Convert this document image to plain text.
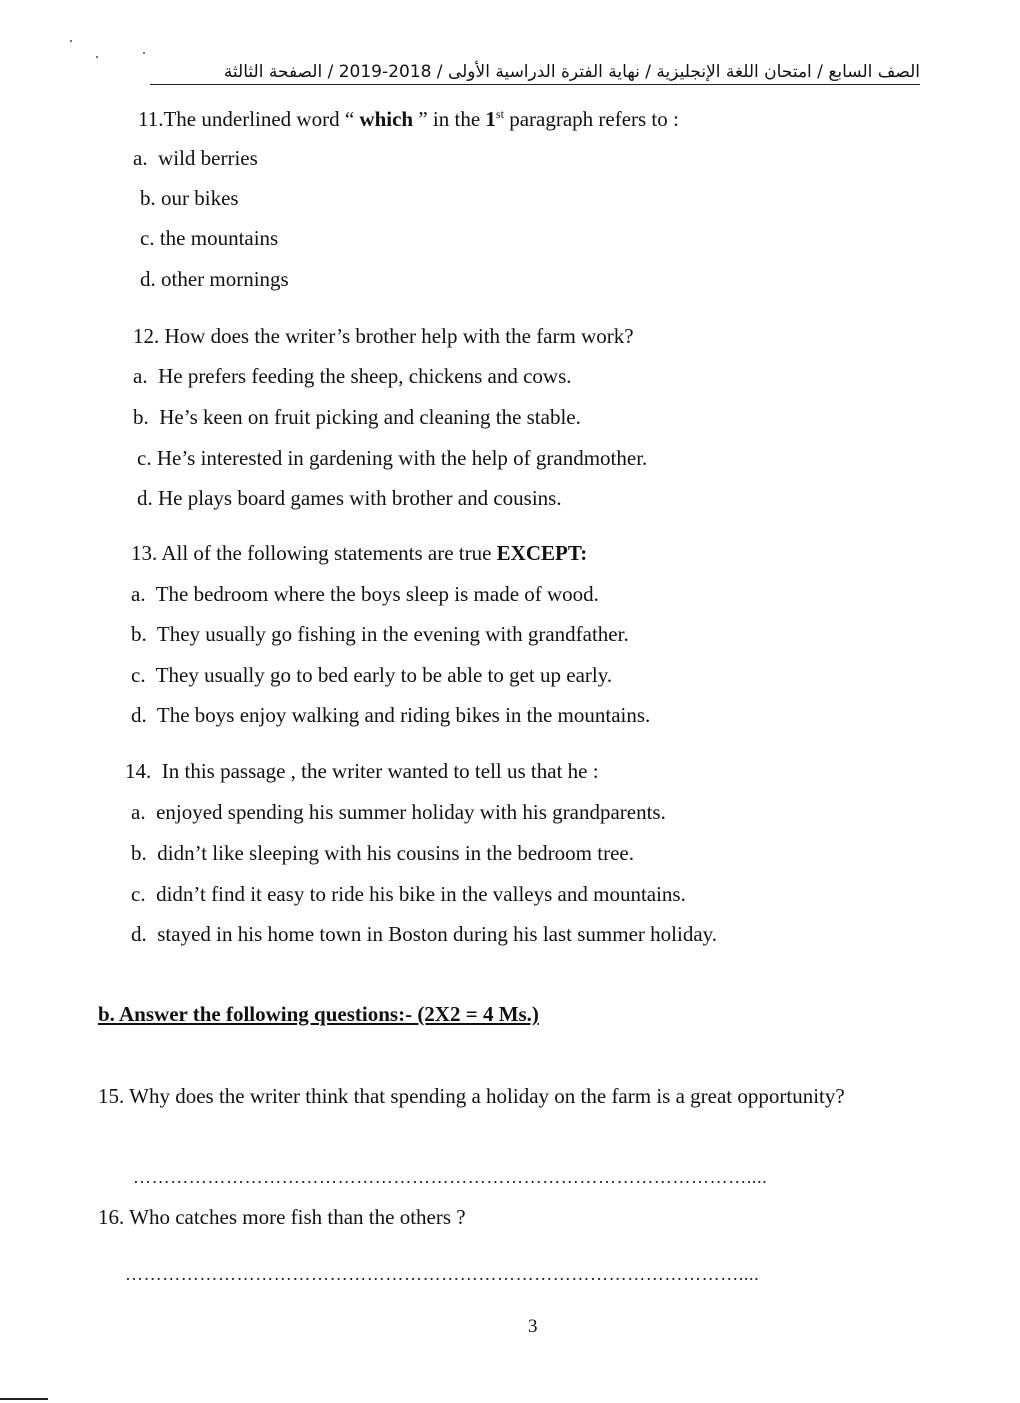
الصف السابع / امتحان اللغة الإنجليزية / نهاية الفترة الدراسية الأولى / 2018-2019 / الصفحة الثالثة
11.The underlined word “ which ” in the 1st paragraph refers to :
a. wild berries
b. our bikes
c. the mountains
d. other mornings
12. How does the writer’s brother help with the farm work?
a. He prefers feeding the sheep, chickens and cows.
b. He’s keen on fruit picking and cleaning the stable.
c. He’s interested in gardening with the help of grandmother.
d. He plays board games with brother and cousins.
13. All of the following statements are true EXCEPT:
a. The bedroom where the boys sleep is made of wood.
b. They usually go fishing in the evening with grandfather.
c. They usually go to bed early to be able to get up early.
d. The boys enjoy walking and riding bikes in the mountains.
14. In this passage , the writer wanted to tell us that he :
a. enjoyed spending his summer holiday with his grandparents.
b. didn’t like sleeping with his cousins in the bedroom tree.
c. didn’t find it easy to ride his bike in the valleys and mountains.
d. stayed in his home town in Boston during his last summer holiday.
b. Answer the following questions:- (2X2 = 4 Ms.)
15. Why does the writer think that spending a holiday on the farm is a great opportunity?
………………………………………………………………………………………....
16. Who catches more fish than the others ?
………………………………………………………………………………………....
3
